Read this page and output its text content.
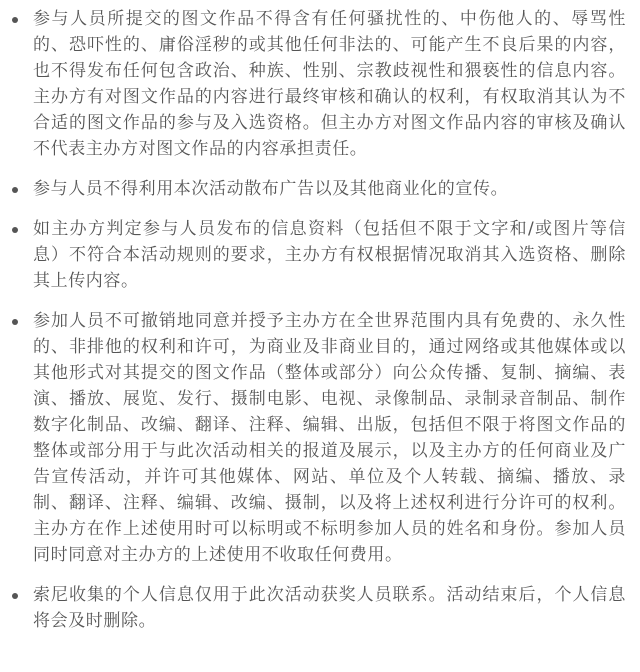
参与人员所提交的图文作品不得含有任何骚扰性的、中伤他人的、辱骂性的、恐吓性的、庸俗淫秽的或其他任何非法的、可能产生不良后果的内容，也不得发布任何包含政治、种族、性别、宗教歧视性和猥亵性的信息内容。主办方有对图文作品的内容进行最终审核和确认的权利，有权取消其认为不合适的图文作品的参与及入选资格。但主办方对图文作品内容的审核及确认不代表主办方对图文作品的内容承担责任。
参与人员不得利用本次活动散布广告以及其他商业化的宣传。
如主办方判定参与人员发布的信息资料（包括但不限于文字和/或图片等信息）不符合本活动规则的要求，主办方有权根据情况取消其入选资格、删除其上传内容。
参加人员不可撤销地同意并授予主办方在全世界范围内具有免费的、永久性的、非排他的权利和许可，为商业及非商业目的，通过网络或其他媒体或以其他形式对其提交的图文作品（整体或部分）向公众传播、复制、摘编、表演、播放、展览、发行、摄制电影、电视、录像制品、录制录音制品、制作数字化制品、改编、翻译、注释、编辑、出版，包括但不限于将图文作品的整体或部分用于与此次活动相关的报道及展示，以及主办方的任何商业及广告宣传活动，并许可其他媒体、网站、单位及个人转载、摘编、播放、录制、翻译、注释、编辑、改编、摄制，以及将上述权利进行分许可的权利。主办方在作上述使用时可以标明或不标明参加人员的姓名和身份。参加人员同时同意对主办方的上述使用不收取任何费用。
索尼收集的个人信息仅用于此次活动获奖人员联系。活动结束后，个人信息将会及时删除。
